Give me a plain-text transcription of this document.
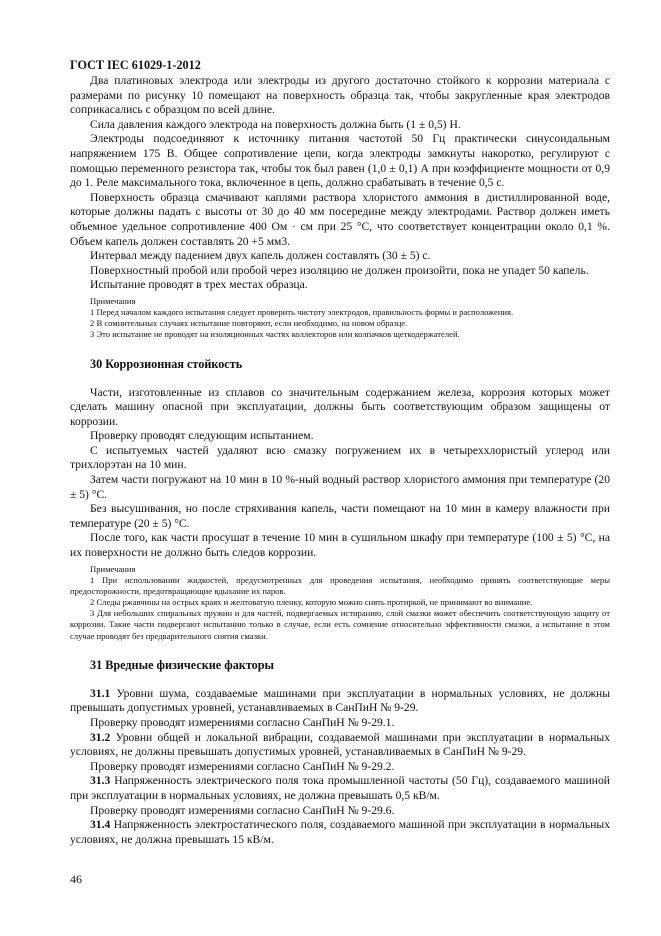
ГОСТ IEC 61029-1-2012

Два платиновых электрода или электроды из другого достаточно стойкого к коррозии материала с размерами по рисунку 10 помещают на поверхность образца так, чтобы закругленные края электродов соприкасались с образцом по всей длине.

Сила давления каждого электрода на поверхность должна быть (1 ± 0,5) Н.

Электроды подсоединяют к источнику питания частотой 50 Гц практически синусоидальным напряжением 175 В. Общее сопротивление цепи, когда электроды замкнуты накоротко, регулируют с помощью переменного резистора так, чтобы ток был равен (1,0 ± 0,1) А при коэффициенте мощности от 0,9 до 1. Реле максимального тока, включенное в цепь, должно срабатывать в течение 0,5 с.

Поверхность образца смачивают каплями раствора хлористого аммония в дистиллированной воде, которые должны падать с высоты от 30 до 40 мм посередине между электродами. Раствор должен иметь объемное удельное сопротивление 400 Ом · см при 25 °С, что соответствует концентрации около 0,1 %. Объем капель должен составлять 20 +5 мм3.

Интервал между падением двух капель должен составлять (30 ± 5) с.

Поверхностный пробой или пробой через изоляцию не должен произойти, пока не упадет 50 капель.

Испытание проводят в трех местах образца.

Примечания
1 Перед началом каждого испытания следует проверить чистоту электродов, правильность формы и расположения.
2 В сомнительных случаях испытание повторяют, если необходимо, на новом образце.
3 Это испытание не проводят на изоляционных частях коллекторов или колпачков щеткодержателей.
30 Коррозионная стойкость

Части, изготовленные из сплавов со значительным содержанием железа, коррозия которых может сделать машину опасной при эксплуатации, должны быть соответствующим образом защищены от коррозии.

Проверку проводят следующим испытанием.

С испытуемых частей удаляют всю смазку погружением их в четыреххлористый углерод или трихлорэтан на 10 мин.

Затем части погружают на 10 мин в 10 %-ный водный раствор хлористого аммония при температуре (20 ± 5) °С.

Без высушивания, но после стряхивания капель, части помещают на 10 мин в камеру влажности при температуре (20 ± 5) °С.

После того, как части просушат в течение 10 мин в сушильном шкафу при температуре (100 ± 5) °С, на их поверхности не должно быть следов коррозии.

Примечания
1 При использовании жидкостей, предусмотренных для проведения испытания, необходимо принять соответствующие меры предосторожности, предотвращающие вдыхание их паров.
2 Следы ржавчины на острых краях и желтоватую пленку, которую можно снять протиркой, не принимают во внимание.
3 Для небольших спиральных пружин и для частей, подвергаемых истиранию, слой смазки может обеспечить соответствующую защиту от коррозии. Такие части подвергают испытанию только в случае, если есть сомнение относительно эффективности смазки, а испытание в этом случае проводят без предварительного снятия смазки.
31 Вредные физические факторы

31.1 Уровни шума, создаваемые машинами при эксплуатации в нормальных условиях, не должны превышать допустимых уровней, устанавливаемых в СанПиН № 9-29.

Проверку проводят измерениями согласно СанПиН № 9-29.1.

31.2 Уровни общей и локальной вибрации, создаваемой машинами при эксплуатации в нормальных условиях, не должны превышать допустимых уровней, устанавливаемых в СанПиН № 9-29.

Проверку проводят измерениями согласно СанПиН № 9-29.2.

31.3 Напряженность электрического поля тока промышленной частоты (50 Гц), создаваемого машиной при эксплуатации в нормальных условиях, не должна превышать 0,5 кВ/м.

Проверку проводят измерениями согласно СанПиН № 9-29.6.

31.4 Напряженность электростатического поля, создаваемого машиной при эксплуатации в нормальных условиях, не должна превышать 15 кВ/м.

46
